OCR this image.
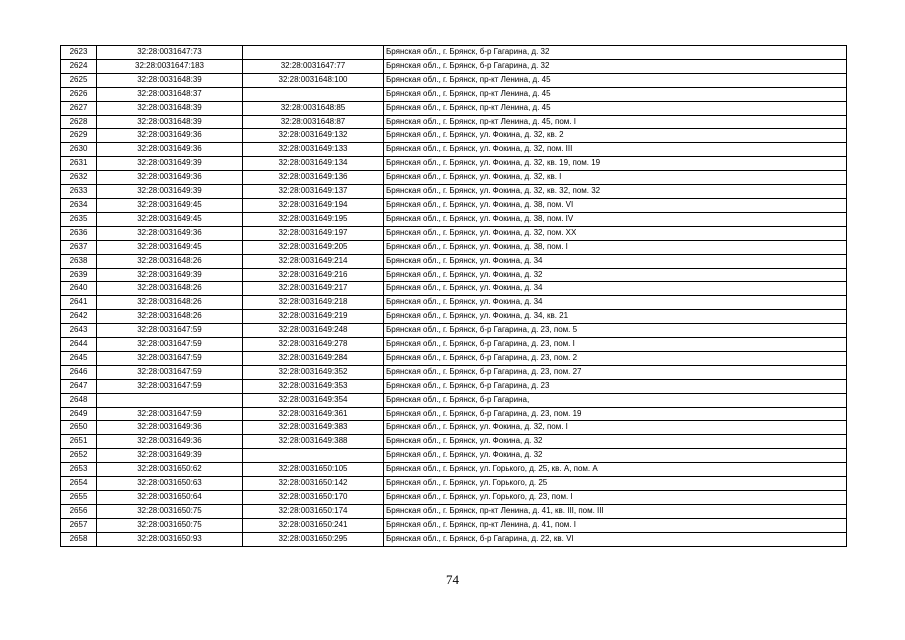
2623	32:28:0031647:73		Брянская обл., г. Брянск, б-р Гагарина, д. 32
2624	32:28:0031647:183	32:28:0031647:77	Брянская обл., г. Брянск, б-р Гагарина, д. 32
2625	32:28:0031648:39	32:28:0031648:100	Брянская обл., г. Брянск, пр-кт Ленина, д. 45
2626	32:28:0031648:37		Брянская обл., г. Брянск, пр-кт Ленина, д. 45
2627	32:28:0031648:39	32:28:0031648:85	Брянская обл., г. Брянск, пр-кт Ленина, д. 45
2628	32:28:0031648:39	32:28:0031648:87	Брянская обл., г. Брянск, пр-кт Ленина, д. 45, пом. I
2629	32:28:0031649:36	32:28:0031649:132	Брянская обл., г. Брянск, ул. Фокина, д. 32, кв. 2
2630	32:28:0031649:36	32:28:0031649:133	Брянская обл., г. Брянск, ул. Фокина, д. 32, пом. III
2631	32:28:0031649:39	32:28:0031649:134	Брянская обл., г. Брянск, ул. Фокина, д. 32, кв. 19, пом. 19
2632	32:28:0031649:36	32:28:0031649:136	Брянская обл., г. Брянск, ул. Фокина, д. 32, кв. I
2633	32:28:0031649:39	32:28:0031649:137	Брянская обл., г. Брянск, ул. Фокина, д. 32, кв. 32, пом. 32
2634	32:28:0031649:45	32:28:0031649:194	Брянская обл., г. Брянск, ул. Фокина, д. 38, пом. VI
2635	32:28:0031649:45	32:28:0031649:195	Брянская обл., г. Брянск, ул. Фокина, д. 38, пом. IV
2636	32:28:0031649:36	32:28:0031649:197	Брянская обл., г. Брянск, ул. Фокина, д. 32, пом. XX
2637	32:28:0031649:45	32:28:0031649:205	Брянская обл., г. Брянск, ул. Фокина, д. 38, пом. I
2638	32:28:0031648:26	32:28:0031649:214	Брянская обл., г. Брянск, ул. Фокина, д. 34
2639	32:28:0031649:39	32:28:0031649:216	Брянская обл., г. Брянск, ул. Фокина, д. 32
2640	32:28:0031648:26	32:28:0031649:217	Брянская обл., г. Брянск, ул. Фокина, д. 34
2641	32:28:0031648:26	32:28:0031649:218	Брянская обл., г. Брянск, ул. Фокина, д. 34
2642	32:28:0031648:26	32:28:0031649:219	Брянская обл., г. Брянск, ул. Фокина, д. 34, кв. 21
2643	32:28:0031647:59	32:28:0031649:248	Брянская обл., г. Брянск, б-р Гагарина, д. 23, пом. 5
2644	32:28:0031647:59	32:28:0031649:278	Брянская обл., г. Брянск, б-р Гагарина, д. 23, пом. I
2645	32:28:0031647:59	32:28:0031649:284	Брянская обл., г. Брянск, б-р Гагарина, д. 23, пом. 2
2646	32:28:0031647:59	32:28:0031649:352	Брянская обл., г. Брянск, б-р Гагарина, д. 23, пом. 27
2647	32:28:0031647:59	32:28:0031649:353	Брянская обл., г. Брянск, б-р Гагарина, д. 23
2648		32:28:0031649:354	Брянская обл., г. Брянск, б-р Гагарина,
2649	32:28:0031647:59	32:28:0031649:361	Брянская обл., г. Брянск, б-р Гагарина, д. 23, пом. 19
2650	32:28:0031649:36	32:28:0031649:383	Брянская обл., г. Брянск, ул. Фокина, д. 32, пом. I
2651	32:28:0031649:36	32:28:0031649:388	Брянская обл., г. Брянск, ул. Фокина, д. 32
2652	32:28:0031649:39		Брянская обл., г. Брянск, ул. Фокина, д. 32
2653	32:28:0031650:62	32:28:0031650:105	Брянская обл., г. Брянск, ул. Горького, д. 25, кв. А, пом. А
2654	32:28:0031650:63	32:28:0031650:142	Брянская обл., г. Брянск, ул. Горького, д. 25
2655	32:28:0031650:64	32:28:0031650:170	Брянская обл., г. Брянск, ул. Горького, д. 23, пом. I
2656	32:28:0031650:75	32:28:0031650:174	Брянская обл., г. Брянск, пр-кт Ленина, д. 41, кв. III, пом. III
2657	32:28:0031650:75	32:28:0031650:241	Брянская обл., г. Брянск, пр-кт Ленина, д. 41, пом. I
2658	32:28:0031650:93	32:28:0031650:295	Брянская обл., г. Брянск, б-р Гагарина, д. 22, кв. VI
74
